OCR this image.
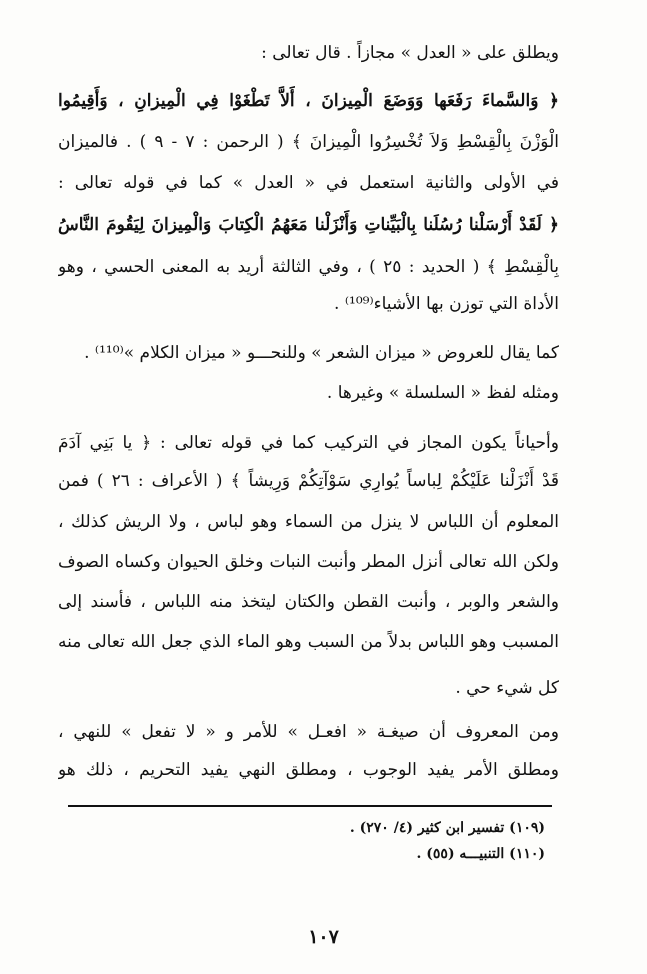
ويطلق على « العدل » مجازاً . قال تعالى :
﴿ وَالسَّماءَ رَفَعَها وَوَضَعَ الْمِيزانَ ، أَلاَّ تَطْغَوْا فِي الْمِيزانِ ، وَأَقِيمُوا
الْوَزْنَ بِالْقِسْطِ وَلاَ تُخْسِرُوا الْمِيزانَ ﴾ ( الرحمن : ٧ - ٩ ) . فالميزان
في الأولى والثانية استعمل في « العدل » كما في قوله تعالى :
﴿ لَقَدْ أَرْسَلْنا رُسُلَنا بِالْبَيِّناتِ وَأَنْزَلْنا مَعَهُمُ الْكِتابَ وَالْمِيزانَ لِيَقُومَ النَّاسُ
بِالْقِسْطِ ﴾ ( الحديد : ٢٥ ) ، وفي الثالثة أريد به المعنى الحسي ، وهو
الأداة التي توزن بها الأشياء⁽¹⁰⁹⁾ .
كما يقال للعروض « ميزان الشعر » وللنحـــو « ميزان الكلام »⁽¹¹⁰⁾ .
ومثله لفظ « السلسلة » وغيرها .
وأحياناً يكون المجاز في التركيب كما في قوله تعالى : ﴿ يا بَنِي آدَمَ
قَدْ أَنْزَلْنا عَلَيْكُمْ لِباساً يُوارِي سَوْآتِكُمْ وَرِيشاً ﴾ ( الأعراف : ٢٦ ) فمن
المعلوم أن اللباس لا ينزل من السماء وهو لباس ، ولا الريش كذلك ،
ولكن الله تعالى أنزل المطر وأنبت النبات وخلق الحيوان وكساه الصوف
والشعر والوبر ، وأنبت القطن والكتان ليتخذ منه اللباس ، فأسند إلى
المسبب وهو اللباس بدلاً من السبب وهو الماء الذي جعل الله تعالى منه
كل شيء حي .
ومن المعروف أن صيغـة « افعـل » للأمر و « لا تفعل » للنهي ،
ومطلق الأمر يفيد الوجوب ، ومطلق النهي يفيد التحريم ، ذلك هو
(١٠٩) تفسير ابن كثير (٤/ ٢٧٠) .
(١١٠) التنبيـــه (٥٥) .
١٠٧
